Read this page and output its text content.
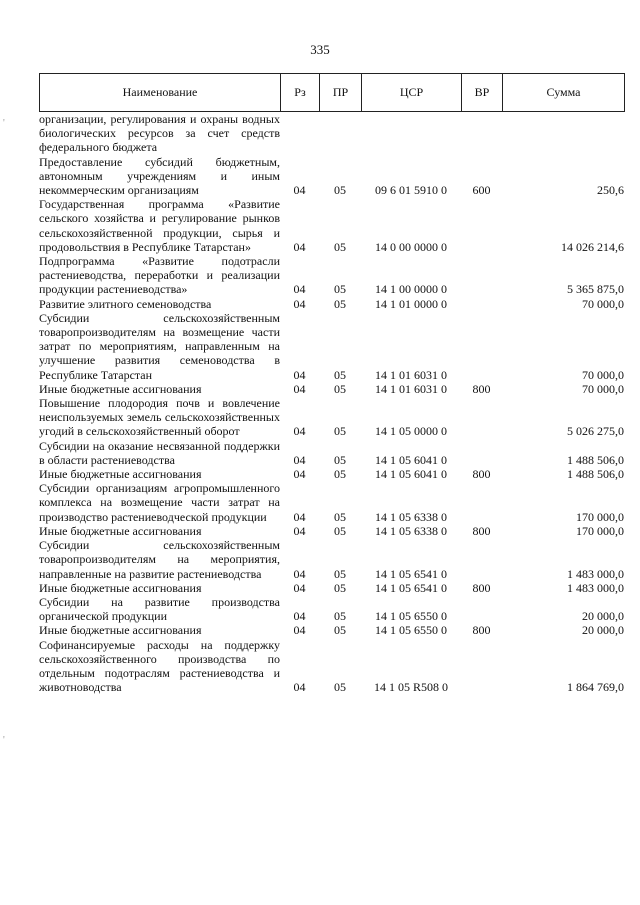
335
Наименование	Рз	ПР	ЦСР	ВР	Сумма
организации, регулирования и охраны водных биологических ресурсов за счет средств федерального бюджета					
Предоставление субсидий бюджетным, автономным учреждениям и иным некоммерческим организациям	04	05	09 6 01 5910 0	600	250,6
Государственная программа «Развитие сельского хозяйства и регулирование рынков сельскохозяйственной продукции, сырья и продовольствия в Республике Татарстан»	04	05	14 0 00 0000 0		14 026 214,6
Подпрограмма «Развитие подотрасли растениеводства, переработки и реализации продукции растениеводства»	04	05	14 1 00 0000 0		5 365 875,0
Развитие элитного семеноводства	04	05	14 1 01 0000 0		70 000,0
Субсидии сельскохозяйственным товаропроизводителям на возмещение части затрат по мероприятиям, направленным на улучшение развития семеноводства в Республике Татарстан	04	05	14 1 01 6031 0		70 000,0
Иные бюджетные ассигнования	04	05	14 1 01 6031 0	800	70 000,0
Повышение плодородия почв и вовлечение неиспользуемых земель сельскохозяйственных угодий в сельскохозяйственный оборот	04	05	14 1 05 0000 0		5 026 275,0
Субсидии на оказание несвязанной поддержки в области растениеводства	04	05	14 1 05 6041 0		1 488 506,0
Иные бюджетные ассигнования	04	05	14 1 05 6041 0	800	1 488 506,0
Субсидии организациям агропромышленного комплекса на возмещение части затрат на производство растениеводческой продукции	04	05	14 1 05 6338 0		170 000,0
Иные бюджетные ассигнования	04	05	14 1 05 6338 0	800	170 000,0
Субсидии сельскохозяйственным товаропроизводителям на мероприятия, направленные на развитие растениеводства	04	05	14 1 05 6541 0		1 483 000,0
Иные бюджетные ассигнования	04	05	14 1 05 6541 0	800	1 483 000,0
Субсидии на развитие производства органической продукции	04	05	14 1 05 6550 0		20 000,0
Иные бюджетные ассигнования	04	05	14 1 05 6550 0	800	20 000,0
Софинансируемые расходы на поддержку сельскохозяйственного производства по отдельным подотраслям растениеводства и животноводства	04	05	14 1 05 R508 0		1 864 769,0
'
'
